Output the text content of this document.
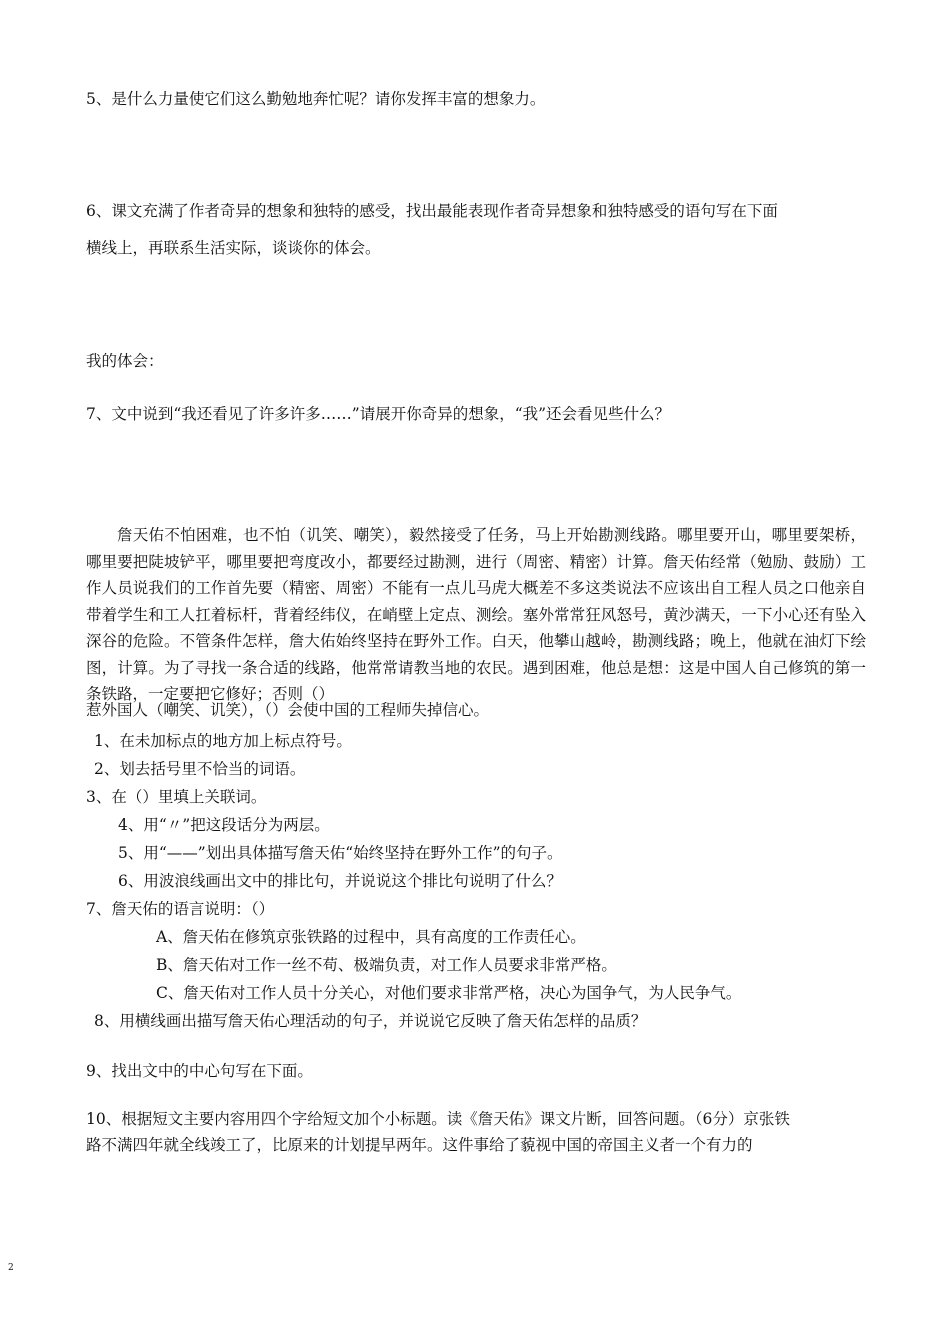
5、是什么力量使它们这么勤勉地奔忙呢？请你发挥丰富的想象力。
6、课文充满了作者奇异的想象和独特的感受，找出最能表现作者奇异想象和独特感受的语句写在下面
横线上，再联系生活实际，谈谈你的体会。
我的体会：
7、文中说到“我还看见了许多许多……”请展开你奇异的想象，“我”还会看见些什么？
詹天佑不怕困难，也不怕（讥笑、嘲笑），毅然接受了任务，马上开始勘测线路。哪里要开山，哪里要架桥，哪里要把陡坡铲平，哪里要把弯度改小，都要经过勘测，进行（周密、精密）计算。詹天佑经常（勉励、鼓励）工作人员说我们的工作首先要（精密、周密）不能有一点儿马虎大概差不多这类说法不应该出自工程人员之口他亲自带着学生和工人扛着标杆，背着经纬仪，在峭壁上定点、测绘。塞外常常狂风怒号，黄沙满天，一下小心还有坠入深谷的危险。不管条件怎样，詹大佑始终坚持在野外工作。白天，他攀山越岭，勘测线路；晚上，他就在油灯下绘图，计算。为了寻找一条合适的线路，他常常请教当地的农民。遇到困难，他总是想：这是中国人自己修筑的第一条铁路，一定要把它修好；否则（）
惹外国人（嘲笑、讥笑），（）会使中国的工程师失掉信心。
1、在未加标点的地方加上标点符号。
2、划去括号里不恰当的词语。
3、在（）里填上关联词。
4、用“〃”把这段话分为两层。
5、用“——”划出具体描写詹天佑“始终坚持在野外工作”的句子。
6、用波浪线画出文中的排比句，并说说这个排比句说明了什么？
7、詹天佑的语言说明：（）
A、詹天佑在修筑京张铁路的过程中，具有高度的工作责任心。
B、詹天佑对工作一丝不苟、极端负责，对工作人员要求非常严格。
C、詹天佑对工作人员十分关心，对他们要求非常严格，决心为国争气，为人民争气。
8、用横线画出描写詹天佑心理活动的句子，并说说它反映了詹天佑怎样的品质？
9、找出文中的中心句写在下面。
10、根据短文主要内容用四个字给短文加个小标题。读《詹天佑》课文片断，回答问题。（6分）京张铁
路不满四年就全线竣工了，比原来的计划提早两年。这件事给了藐视中国的帝国主义者一个有力的
2
